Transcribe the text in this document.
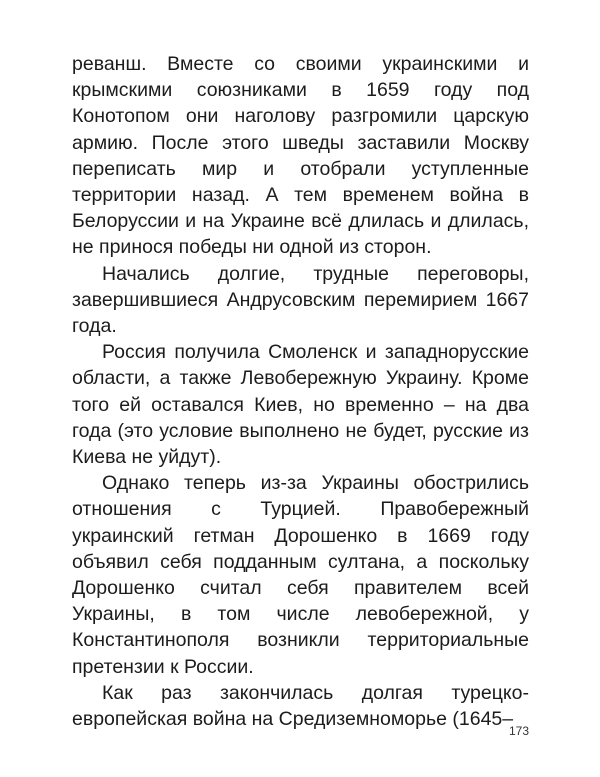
реванш. Вместе со своими украинскими и крымскими союзниками в 1659 году под Конотопом они наголову разгромили царскую армию. После этого шведы заставили Москву переписать мир и отобрали уступленные территории назад. А тем временем война в Белоруссии и на Украине всё длилась и длилась, не принося победы ни одной из сторон.

Начались долгие, трудные переговоры, завершившиеся Андрусовским перемирием 1667 года.

Россия получила Смоленск и западнорусские области, а также Левобережную Украину. Кроме того ей оставался Киев, но временно – на два года (это условие выполнено не будет, русские из Киева не уйдут).

Однако теперь из-за Украины обострились отношения с Турцией. Правобережный украинский гетман Дорошенко в 1669 году объявил себя подданным султана, а поскольку Дорошенко считал себя правителем всей Украины, в том числе левобережной, у Константинополя возникли территориальные претензии к России.

Как раз закончилась долгая турецко-европейская война на Средиземноморье (1645–

173
